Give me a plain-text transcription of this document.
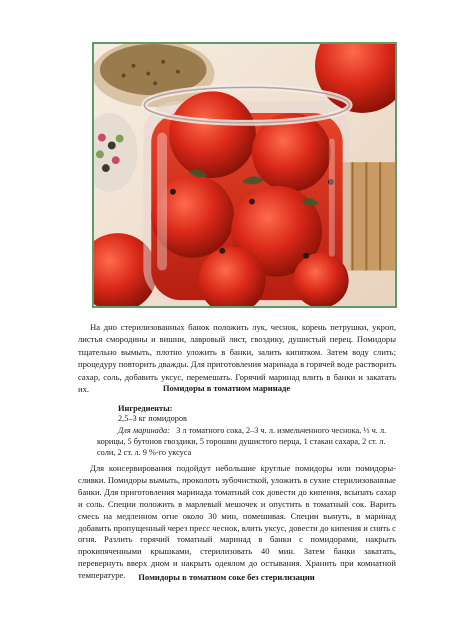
На дно стерилизованных банок положить лук, чеснок, корень петрушки, укроп, листья смородины и вишни, лавровый лист, гвоздику, душистый перец. Помидоры тщательно вымыть, плотно уложить в банки, залить кипятком. Затем воду слить; процедуру повторить дважды. Для приготовления маринада в горячей воде растворить сахар, соль, добавить уксус, перемешать. Горячий маринад влить в банки и закатать их.	Помидоры в томатном маринаде

Ингредиенты:

2,5–3 кг помидоров

Для маринада: 3 л томатного сока, 2–3 ч. л. измельченного чеснока, ⅓ ч. л. корицы, 5 бутонов гвоздики, 5 горошин душистого перца, 1 стакан сахара, 2 ст. л. соли, 2 ст. л. 9 %-го уксуса

Для консервирования подойдут небольшие круглые помидоры или помидоры-сливки. Помидоры вымыть, проколоть зубочисткой, уложить в сухие стерилизованные банки. Для приготовления маринада томатный сок довести до кипения, всыпать сахар и соль. Специи положить в марлевый мешочек и опустить в томатный сок. Варить смесь на медленном огне около 30 мин, помешивая. Специи вынуть, в маринад добавить пропущенный через пресс чеснок, влить уксус, довести до кипения и снять с огня. Разлить горячий томатный маринад в банки с помидорами, накрыть прокипяченными крышками, стерилизовать 40 мин. Затем банки закатать, перевернуть вверх дном и накрыть одеялом до остывания. Хранить при комнатной температуре.	Помидоры в томатном соке без стерилизации
